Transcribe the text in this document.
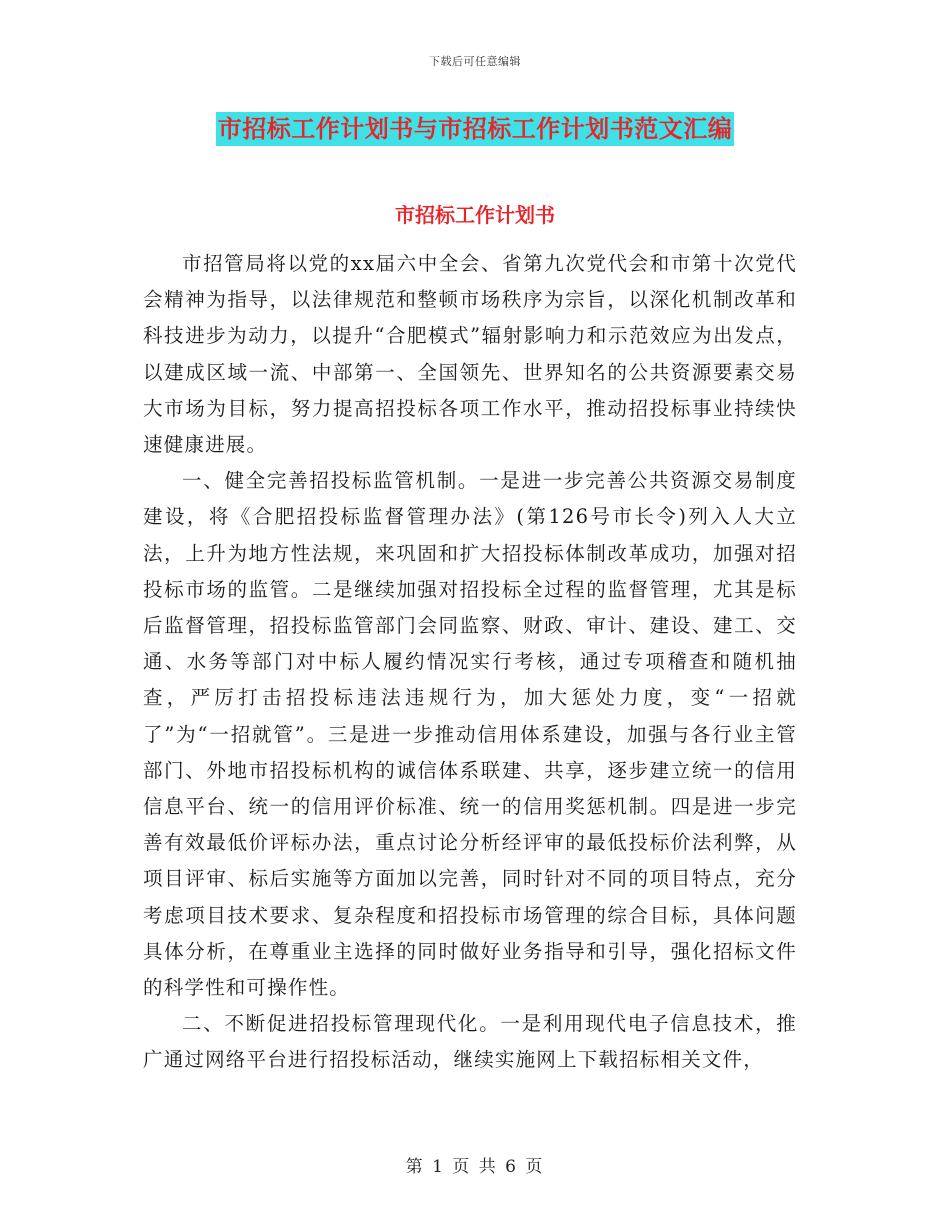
下载后可任意编辑
市招标工作计划书与市招标工作计划书范文汇编
市招标工作计划书

市招管局将以党的xx届六中全会、省第九次党代会和市第十次党代会精神为指导，以法律规范和整顿市场秩序为宗旨，以深化机制改革和科技进步为动力，以提升“合肥模式”辐射影响力和示范效应为出发点，以建成区域一流、中部第一、全国领先、世界知名的公共资源要素交易大市场为目标，努力提高招投标各项工作水平，推动招投标事业持续快速健康进展。

一、健全完善招投标监管机制。一是进一步完善公共资源交易制度建设，将《合肥招投标监督管理办法》(第126号市长令)列入人大立法，上升为地方性法规，来巩固和扩大招投标体制改革成功，加强对招投标市场的监管。二是继续加强对招投标全过程的监督管理，尤其是标后监督管理，招投标监管部门会同监察、财政、审计、建设、建工、交通、水务等部门对中标人履约情况实行考核，通过专项稽查和随机抽查，严厉打击招投标违法违规行为，加大惩处力度，变“一招就了”为“一招就管”。三是进一步推动信用体系建设，加强与各行业主管部门、外地市招投标机构的诚信体系联建、共享，逐步建立统一的信用信息平台、统一的信用评价标准、统一的信用奖惩机制。四是进一步完善有效最低价评标办法，重点讨论分析经评审的最低投标价法利弊，从项目评审、标后实施等方面加以完善，同时针对不同的项目特点，充分考虑项目技术要求、复杂程度和招投标市场管理的综合目标，具体问题具体分析，在尊重业主选择的同时做好业务指导和引导，强化招标文件的科学性和可操作性。

二、不断促进招投标管理现代化。一是利用现代电子信息技术，推广通过网络平台进行招投标活动，继续实施网上下载招标相关文件，

第 1 页 共 6 页
